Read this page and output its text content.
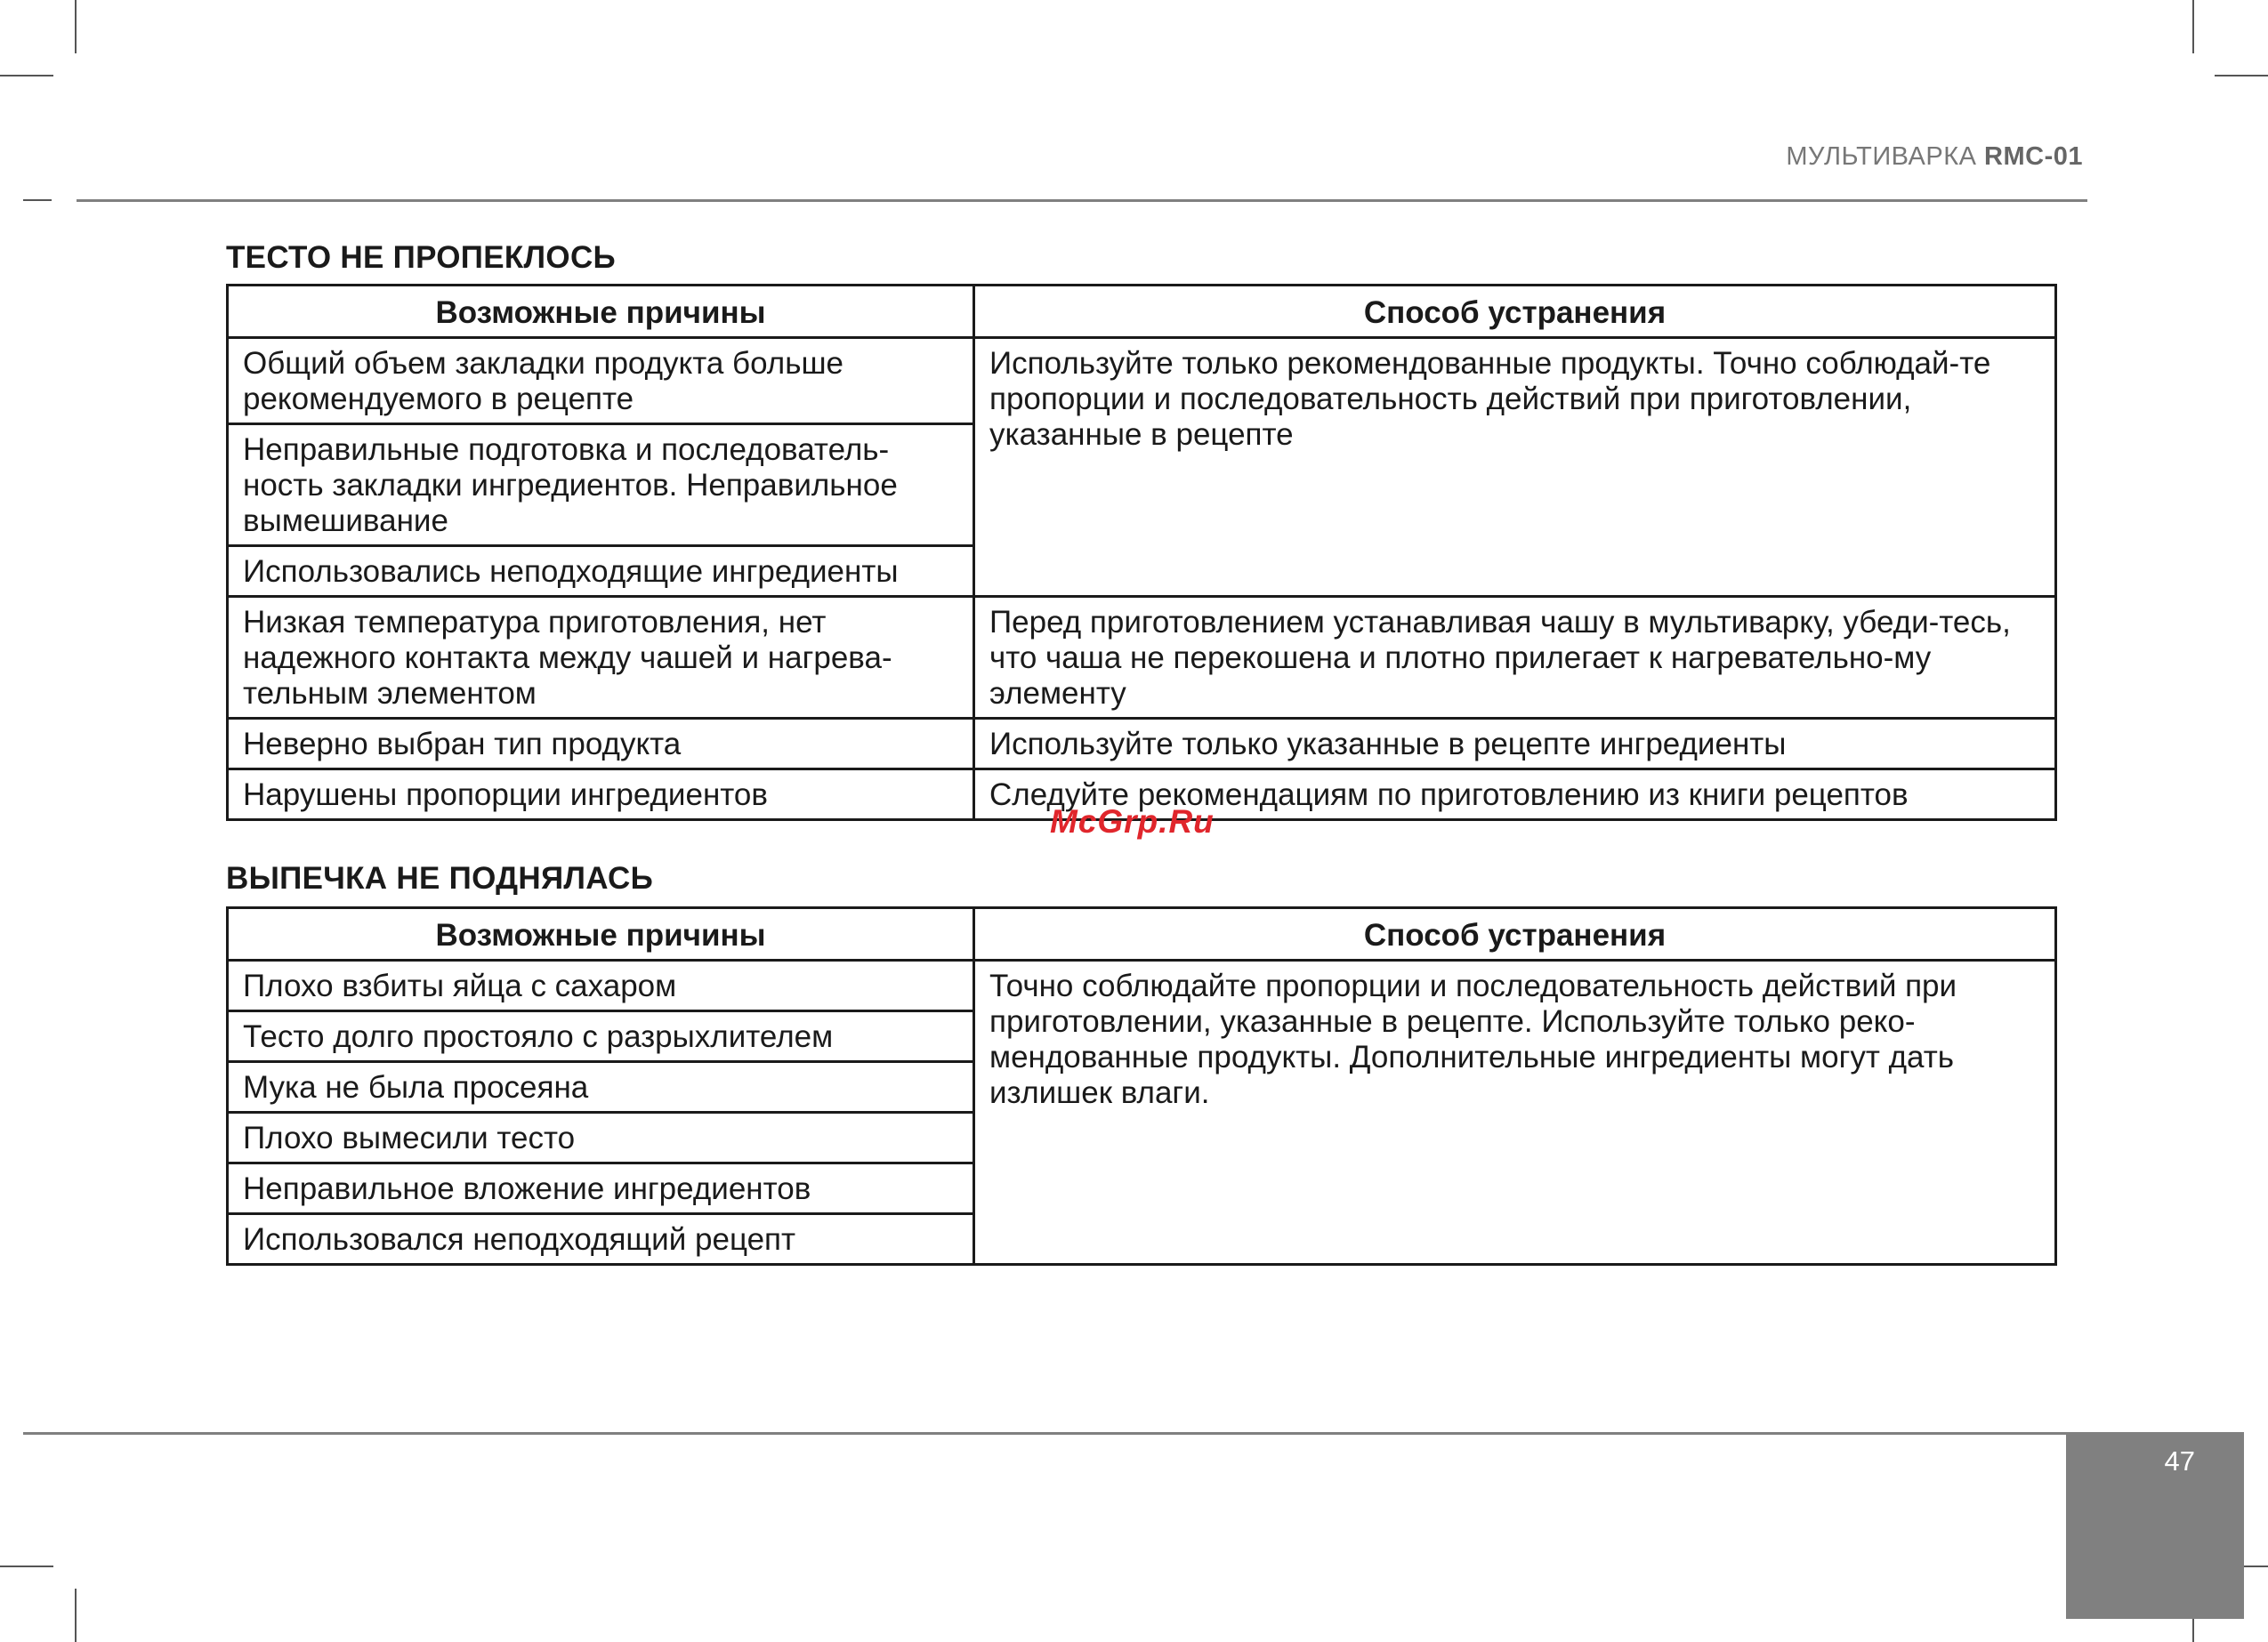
МУЛЬТИВАРКА RMC-01
ТЕСТО НЕ ПРОПЕКЛОСЬ
Возможные причины	Способ устранения
Общий объем закладки продукта больше рекомендуемого в рецепте	Используйте только рекомендованные продукты. Точно соблюдай-те пропорции и последовательность действий при приготовлении, указанные в рецепте
Неправильные подготовка и последователь-ность закладки ингредиентов. Неправильное вымешивание	
Использовались неподходящие ингредиенты	
Низкая температура приготовления, нет надежного контакта между чашей и нагрева-тельным элементом	Перед приготовлением устанавливая чашу в мультиварку, убеди-тесь, что чаша не перекошена и плотно прилегает к нагревательно-му элементу
Неверно выбран тип продукта	Используйте только указанные в рецепте ингредиенты
Нарушены пропорции ингредиентов	Следуйте рекомендациям по приготовлению из книги рецептов
McGrp.Ru
ВЫПЕЧКА НЕ ПОДНЯЛАСЬ
Возможные причины	Способ устранения
Плохо взбиты яйца с сахаром	Точно соблюдайте пропорции и последовательность действий при приготовлении, указанные в рецепте. Используйте только реко-мендованные продукты. Дополнительные ингредиенты могут дать излишек влаги.
Тесто долго простояло с разрыхлителем	
Мука не была просеяна	
Плохо вымесили тесто	
Неправильное вложение ингредиентов	
Использовался неподходящий рецепт	
47
